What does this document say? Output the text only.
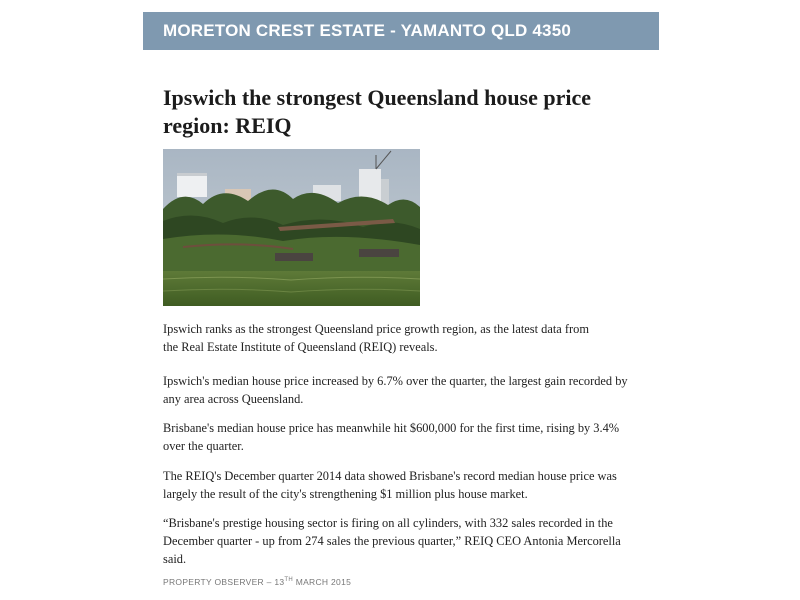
MORETON CREST ESTATE - YAMANTO QLD 4350
Ipswich the strongest Queensland house price region: REIQ

Ipswich ranks as the strongest Queensland price growth region, as the latest data from the Real Estate Institute of Queensland (REIQ) reveals.

Ipswich's median house price increased by 6.7% over the quarter, the largest gain recorded by any area across Queensland.

Brisbane's median house price has meanwhile hit $600,000 for the first time, rising by 3.4% over the quarter.

The REIQ's December quarter 2014 data showed Brisbane's record median house price was largely the result of the city's strengthening $1 million plus house market.

“Brisbane's prestige housing sector is firing on all cylinders, with 332 sales recorded in the December quarter - up from 274 sales the previous quarter,” REIQ CEO Antonia Mercorella said.

PROPERTY OBSERVER – 13TH MARCH 2015
